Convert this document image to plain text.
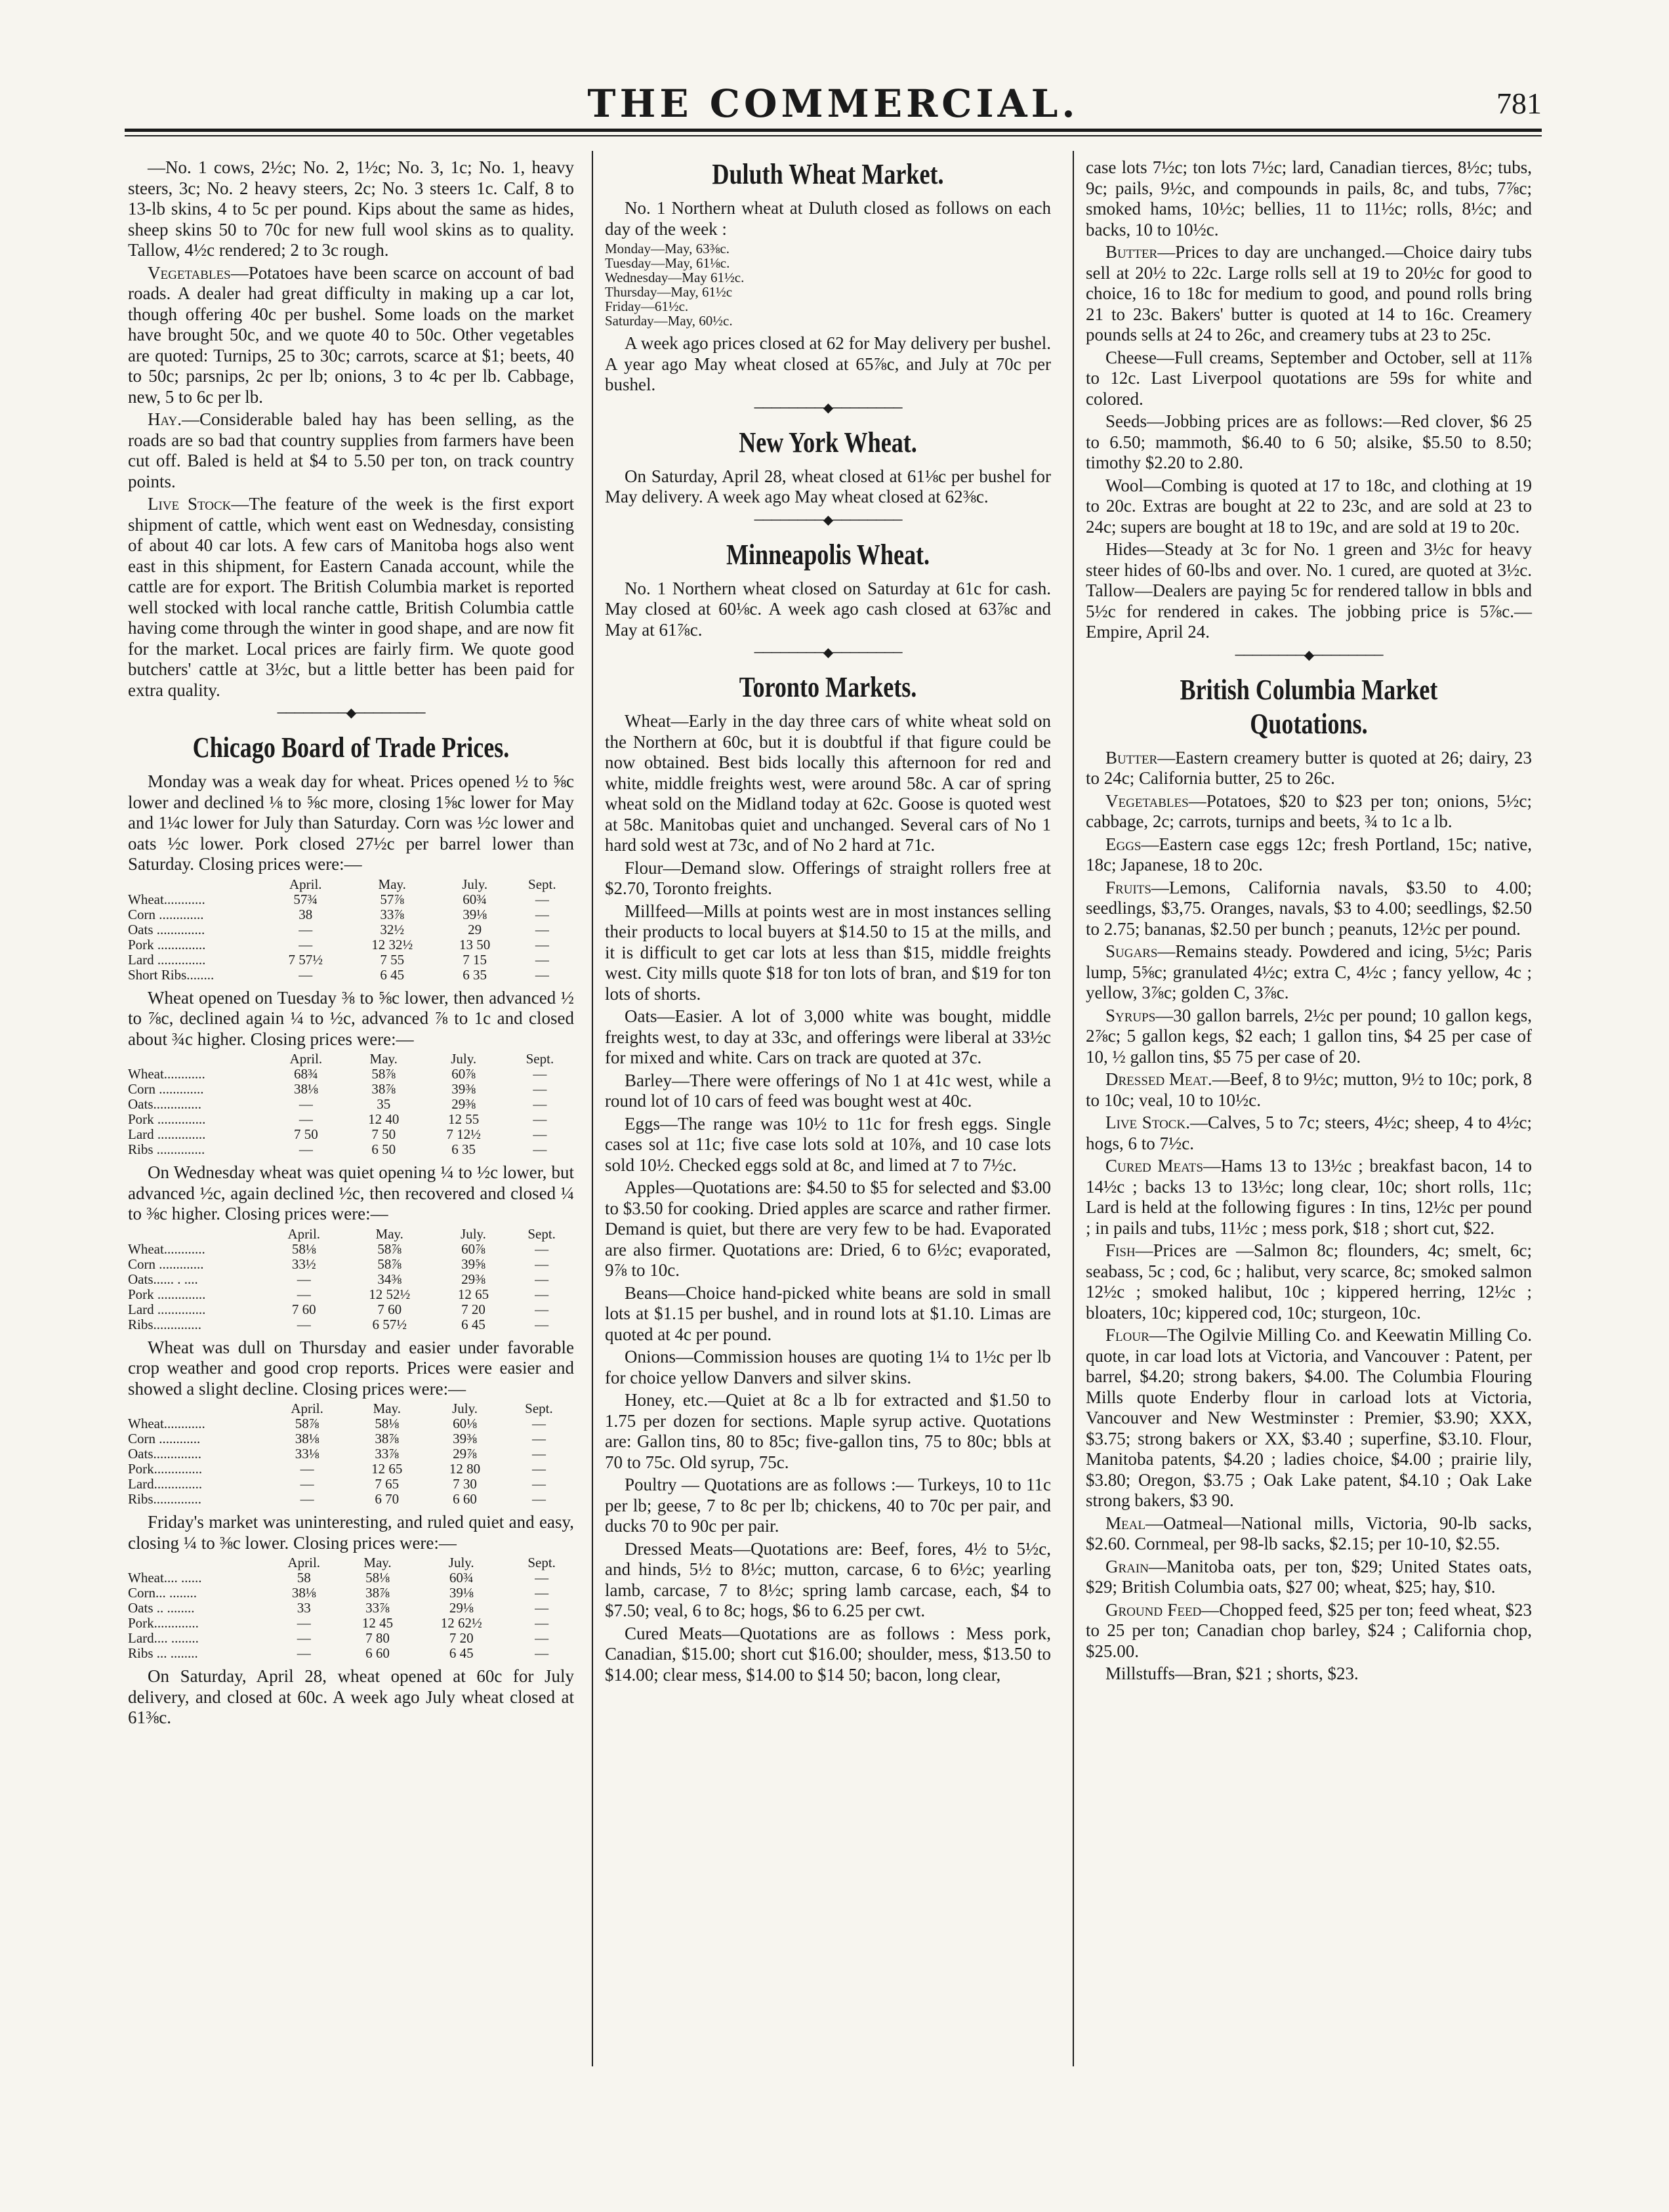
THE COMMERCIAL.	781

—No. 1 cows, 2½c; No. 2, 1½c; No. 3, 1c; No. 1, heavy steers, 3c; No. 2 heavy steers, 2c; No. 3 steers 1c. Calf, 8 to 13-lb skins, 4 to 5c per pound. Kips about the same as hides, sheep skins 50 to 70c for new full wool skins as to quality. Tallow, 4½c rendered; 2 to 3c rough.

Vegetables—Potatoes have been scarce on account of bad roads. A dealer had great difficulty in making up a car lot, though offering 40c per bushel. Some loads on the market have brought 50c, and we quote 40 to 50c. Other vegetables are quoted: Turnips, 25 to 30c; carrots, scarce at $1; beets, 40 to 50c; parsnips, 2c per lb; onions, 3 to 4c per lb. Cabbage, new, 5 to 6c per lb.

Hay.—Considerable baled hay has been selling, as the roads are so bad that country supplies from farmers have been cut off. Baled is held at $4 to 5.50 per ton, on track country points.

Live Stock—The feature of the week is the first export shipment of cattle, which went east on Wednesday, consisting of about 40 car lots. A few cars of Manitoba hogs also went east in this shipment, for Eastern Canada account, while the cattle are for export. The British Columbia market is reported well stocked with local ranche cattle, British Columbia cattle having come through the winter in good shape, and are now fit for the market. Local prices are fairly firm. We quote good butchers' cattle at 3½c, but a little better has been paid for extra quality.

────────◆────────
Chicago Board of Trade Prices.

Monday was a weak day for wheat. Prices opened ½ to ⅝c lower and declined ⅛ to ⅝c more, closing 1⅝c lower for May and 1¼c lower for July than Saturday. Corn was ½c lower and oats ½c lower. Pork closed 27½c per barrel lower than Saturday. Closing prices were:—

	April.	May.	July.	Sept.
Wheat............	57¾	57⅞	60¾	—
Corn .............	38	33⅞	39⅛	—
Oats ..............	—	32½	29	—
Pork ..............	—	12 32½	13 50	—
Lard ..............	7 57½	7 55	7 15	—
Short Ribs........	—	6 45	6 35	—

Wheat opened on Tuesday ⅜ to ⅝c lower, then advanced ½ to ⅞c, declined again ¼ to ½c, advanced ⅞ to 1c and closed about ¾c higher. Closing prices were:—

	April.	May.	July.	Sept.
Wheat............	68¾	58⅞	60⅞	—
Corn .............	38⅛	38⅞	39⅜	—
Oats..............	—	35	29⅜	—
Pork ..............	—	12 40	12 55	—
Lard ..............	7 50	7 50	7 12½	—
Ribs ..............	—	6 50	6 35	—

On Wednesday wheat was quiet opening ¼ to ½c lower, but advanced ½c, again declined ½c, then recovered and closed ¼ to ⅜c higher. Closing prices were:—

	April.	May.	July.	Sept.
Wheat............	58⅛	58⅞	60⅞	—
Corn .............	33½	58⅞	39⅝	—
Oats...... . ....	—	34⅜	29⅜	—
Pork ..............	—	12 52½	12 65	—
Lard ..............	7 60	7 60	7 20	—
Ribs..............	—	6 57½	6 45	—

Wheat was dull on Thursday and easier under favorable crop weather and good crop reports. Prices were easier and showed a slight decline. Closing prices were:—

	April.	May.	July.	Sept.
Wheat............	58⅞	58⅛	60⅛	—
Corn ............	38⅛	38⅞	39⅜	—
Oats..............	33⅛	33⅞	29⅞	—
Pork..............	—	12 65	12 80	—
Lard..............	—	7 65	7 30	—
Ribs..............	—	6 70	6 60	—

Friday's market was uninteresting, and ruled quiet and easy, closing ¼ to ⅜c lower. Closing prices were:—

	April.	May.	July.	Sept.
Wheat.... ......	58	58⅛	60¾	—
Corn... ........	38⅛	38⅞	39⅛	—
Oats .. ........	33	33⅞	29⅛	—
Pork.............	—	12 45	12 62½	—
Lard.... ........	—	7 80	7 20	—
Ribs ... ........	—	6 60	6 45	—

On Saturday, April 28, wheat opened at 60c for July delivery, and closed at 60c. A week ago July wheat closed at 61⅜c.

Duluth Wheat Market.

No. 1 Northern wheat at Duluth closed as follows on each day of the week :

Monday—May, 63⅜c.
Tuesday—May, 61⅛c.
Wednesday—May 61½c.
Thursday—May, 61½c
Friday—61½c.
Saturday—May, 60½c.

A week ago prices closed at 62 for May delivery per bushel. A year ago May wheat closed at 65⅞c, and July at 70c per bushel.

────────◆────────
New York Wheat.

On Saturday, April 28, wheat closed at 61⅛c per bushel for May delivery. A week ago May wheat closed at 62⅜c.

────────◆────────
Minneapolis Wheat.

No. 1 Northern wheat closed on Saturday at 61c for cash. May closed at 60⅛c. A week ago cash closed at 63⅞c and May at 61⅞c.

────────◆────────
Toronto Markets.

Wheat—Early in the day three cars of white wheat sold on the Northern at 60c, but it is doubtful if that figure could be now obtained. Best bids locally this afternoon for red and white, middle freights west, were around 58c. A car of spring wheat sold on the Midland today at 62c. Goose is quoted west at 58c. Manitobas quiet and unchanged. Several cars of No 1 hard sold west at 73c, and of No 2 hard at 71c.

Flour—Demand slow. Offerings of straight rollers free at $2.70, Toronto freights.

Millfeed—Mills at points west are in most instances selling their products to local buyers at $14.50 to 15 at the mills, and it is difficult to get car lots at less than $15, middle freights west. City mills quote $18 for ton lots of bran, and $19 for ton lots of shorts.

Oats—Easier. A lot of 3,000 white was bought, middle freights west, to day at 33c, and offerings were liberal at 33½c for mixed and white. Cars on track are quoted at 37c.

Barley—There were offerings of No 1 at 41c west, while a round lot of 10 cars of feed was bought west at 40c.

Eggs—The range was 10½ to 11c for fresh eggs. Single cases sol at 11c; five case lots sold at 10⅞, and 10 case lots sold 10½. Checked eggs sold at 8c, and limed at 7 to 7½c.

Apples—Quotations are: $4.50 to $5 for selected and $3.00 to $3.50 for cooking. Dried apples are scarce and rather firmer. Demand is quiet, but there are very few to be had. Evaporated are also firmer. Quotations are: Dried, 6 to 6½c; evaporated, 9⅞ to 10c.

Beans—Choice hand-picked white beans are sold in small lots at $1.15 per bushel, and in round lots at $1.10. Limas are quoted at 4c per pound.

Onions—Commission houses are quoting 1¼ to 1½c per lb for choice yellow Danvers and silver skins.

Honey, etc.—Quiet at 8c a lb for extracted and $1.50 to 1.75 per dozen for sections. Maple syrup active. Quotations are: Gallon tins, 80 to 85c; five-gallon tins, 75 to 80c; bbls at 70 to 75c. Old syrup, 75c.

Poultry — Quotations are as follows :— Turkeys, 10 to 11c per lb; geese, 7 to 8c per lb; chickens, 40 to 70c per pair, and ducks 70 to 90c per pair.

Dressed Meats—Quotations are: Beef, fores, 4½ to 5½c, and hinds, 5½ to 8½c; mutton, carcase, 6 to 6½c; yearling lamb, carcase, 7 to 8½c; spring lamb carcase, each, $4 to $7.50; veal, 6 to 8c; hogs, $6 to 6.25 per cwt.

Cured Meats—Quotations are as follows : Mess pork, Canadian, $15.00; short cut $16.00; shoulder, mess, $13.50 to $14.00; clear mess, $14.00 to $14 50; bacon, long clear,

case lots 7½c; ton lots 7½c; lard, Canadian tierces, 8½c; tubs, 9c; pails, 9½c, and compounds in pails, 8c, and tubs, 7⅞c; smoked hams, 10½c; bellies, 11 to 11½c; rolls, 8½c; and backs, 10 to 10½c.

Butter—Prices to day are unchanged.—Choice dairy tubs sell at 20½ to 22c. Large rolls sell at 19 to 20½c for good to choice, 16 to 18c for medium to good, and pound rolls bring 21 to 23c. Bakers' butter is quoted at 14 to 16c. Creamery pounds sells at 24 to 26c, and creamery tubs at 23 to 25c.

Cheese—Full creams, September and October, sell at 11⅞ to 12c. Last Liverpool quotations are 59s for white and colored.

Seeds—Jobbing prices are as follows:—Red clover, $6 25 to 6.50; mammoth, $6.40 to 6 50; alsike, $5.50 to 8.50; timothy $2.20 to 2.80.

Wool—Combing is quoted at 17 to 18c, and clothing at 19 to 20c. Extras are bought at 22 to 23c, and are sold at 23 to 24c; supers are bought at 18 to 19c, and are sold at 19 to 20c.

Hides—Steady at 3c for No. 1 green and 3½c for heavy steer hides of 60-lbs and over. No. 1 cured, are quoted at 3½c. Tallow—Dealers are paying 5c for rendered tallow in bbls and 5½c for rendered in cakes. The jobbing price is 5⅞c.—Empire, April 24.

────────◆────────
British Columbia Market Quotations.

Butter—Eastern creamery butter is quoted at 26; dairy, 23 to 24c; California butter, 25 to 26c.

Vegetables—Potatoes, $20 to $23 per ton; onions, 5½c; cabbage, 2c; carrots, turnips and beets, ¾ to 1c a lb.

Eggs—Eastern case eggs 12c; fresh Portland, 15c; native, 18c; Japanese, 18 to 20c.

Fruits—Lemons, California navals, $3.50 to 4.00; seedlings, $3,75. Oranges, navals, $3 to 4.00; seedlings, $2.50 to 2.75; bananas, $2.50 per bunch ; peanuts, 12½c per pound.

Sugars—Remains steady. Powdered and icing, 5½c; Paris lump, 5⅝c; granulated 4½c; extra C, 4½c ; fancy yellow, 4c ; yellow, 3⅞c; golden C, 3⅞c.

Syrups—30 gallon barrels, 2½c per pound; 10 gallon kegs, 2⅞c; 5 gallon kegs, $2 each; 1 gallon tins, $4 25 per case of 10, ½ gallon tins, $5 75 per case of 20.

Dressed Meat.—Beef, 8 to 9½c; mutton, 9½ to 10c; pork, 8 to 10c; veal, 10 to 10½c.

Live Stock.—Calves, 5 to 7c; steers, 4½c; sheep, 4 to 4½c; hogs, 6 to 7½c.

Cured Meats—Hams 13 to 13½c ; breakfast bacon, 14 to 14½c ; backs 13 to 13½c; long clear, 10c; short rolls, 11c; Lard is held at the following figures : In tins, 12½c per pound ; in pails and tubs, 11½c ; mess pork, $18 ; short cut, $22.

Fish—Prices are —Salmon 8c; flounders, 4c; smelt, 6c; seabass, 5c ; cod, 6c ; halibut, very scarce, 8c; smoked salmon 12½c ; smoked halibut, 10c ; kippered herring, 12½c ; bloaters, 10c; kippered cod, 10c; sturgeon, 10c.

Flour—The Ogilvie Milling Co. and Keewatin Milling Co. quote, in car load lots at Victoria, and Vancouver : Patent, per barrel, $4.20; strong bakers, $4.00. The Columbia Flouring Mills quote Enderby flour in carload lots at Victoria, Vancouver and New Westminster : Premier, $3.90; XXX, $3.75; strong bakers or XX, $3.40 ; superfine, $3.10. Flour, Manitoba patents, $4.20 ; ladies choice, $4.00 ; prairie lily, $3.80; Oregon, $3.75 ; Oak Lake patent, $4.10 ; Oak Lake strong bakers, $3 90.

Meal—Oatmeal—National mills, Victoria, 90-lb sacks, $2.60. Cornmeal, per 98-lb sacks, $2.15; per 10-10, $2.55.

Grain—Manitoba oats, per ton, $29; United States oats, $29; British Columbia oats, $27 00; wheat, $25; hay, $10.

Ground Feed—Chopped feed, $25 per ton; feed wheat, $23 to 25 per ton; Canadian chop barley, $24 ; California chop, $25.00.

Millstuffs—Bran, $21 ; shorts, $23.
